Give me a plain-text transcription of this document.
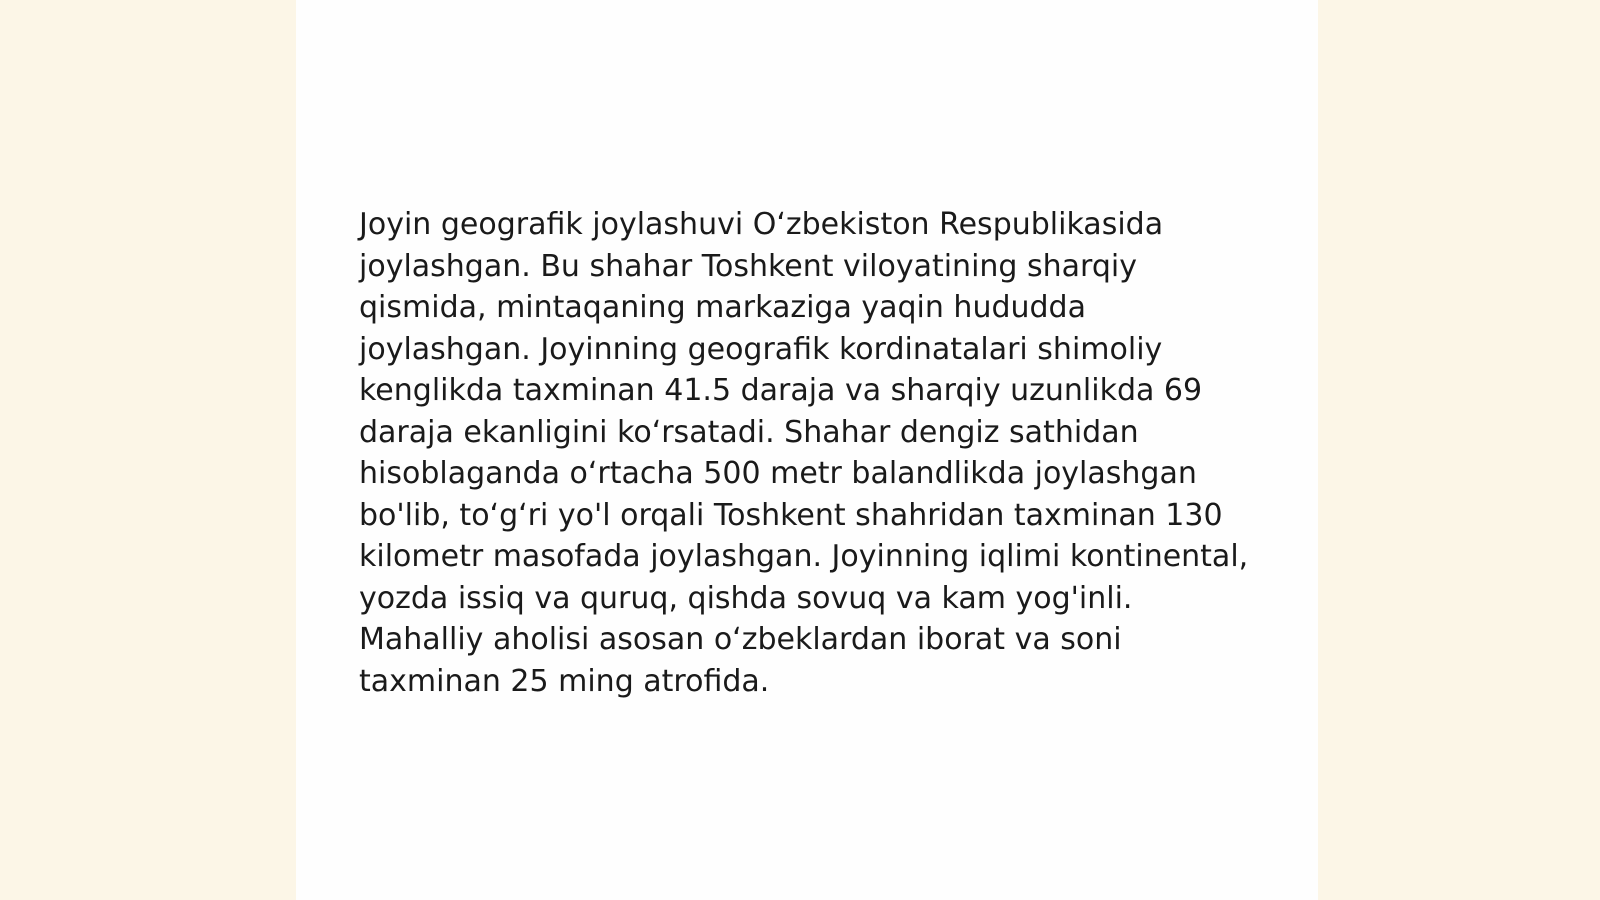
Joyin geografik joylashuvi O‘zbekiston Respublikasida joylashgan. Bu shahar Toshkent viloyatining sharqiy qismida, mintaqaning markaziga yaqin hududda joylashgan. Joyinning geografik kordinatalari shimoliy kenglikda taxminan 41.5 daraja va sharqiy uzunlikda 69 daraja ekanligini ko‘rsatadi. Shahar dengiz sathidan hisoblaganda o‘rtacha 500 metr balandlikda joylashgan bo'lib, to‘g‘ri yo'l orqali Toshkent shahridan taxminan 130 kilometr masofada joylashgan. Joyinning iqlimi kontinental, yozda issiq va quruq, qishda sovuq va kam yog'inli. Mahalliy aholisi asosan o‘zbeklardan iborat va soni taxminan 25 ming atrofida.
